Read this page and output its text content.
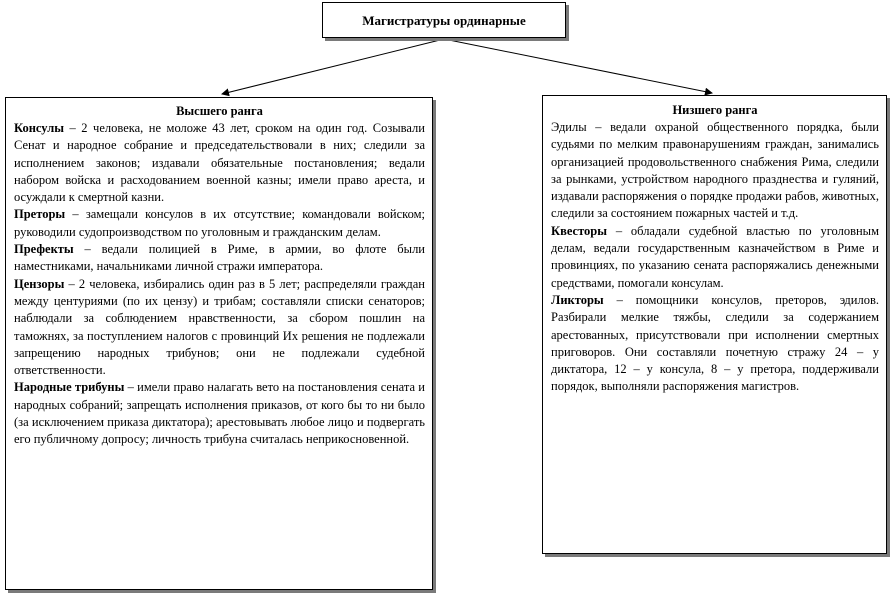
Магистратуры ординарные
Высшего ранга

Консулы – 2 человека, не моложе 43 лет, сроком на один год. Созывали Сенат и народное собрание и председательствовали в них; следили за исполнением законов; издавали обязательные постановления; ведали набором войска и расходованием военной казны; имели право ареста, и осуждали к смертной казни.

Преторы – замещали консулов в их отсутствие; командовали войском; руководили судопроизводством по уголовным и гражданским делам.

Префекты – ведали полицией в Риме, в армии, во флоте были наместниками, начальниками личной стражи императора.

Цензоры – 2 человека, избирались один раз в 5 лет; распределяли граждан между центуриями (по их цензу) и трибам; составляли списки сенаторов; наблюдали за соблюдением нравственности, за сбором пошлин на таможнях, за поступлением налогов с провинций Их решения не подлежали запрещению народных трибунов; они не подлежали судебной ответственности.

Народные трибуны – имели право налагать вето на постановления сената и народных собраний; запрещать исполнения приказов, от кого бы то ни было (за исключением приказа диктатора); арестовывать любое лицо и подвергать его публичному допросу; личность трибуна считалась неприкосновенной.

Низшего ранга

Эдилы – ведали охраной общественного порядка, были судьями по мелким правонарушениям граждан, занимались организацией продовольственного снабжения Рима, следили за рынками, устройством народного празднества и гуляний, издавали распоряжения о порядке продажи рабов, животных, следили за состоянием пожарных частей и т.д.

Квесторы – обладали судебной властью по уголовным делам, ведали государственным казначейством в Риме и провинциях, по указанию сената распоряжались денежными средствами, помогали консулам.

Ликторы – помощники консулов, преторов, эдилов. Разбирали мелкие тяжбы, следили за содержанием арестованных, присутствовали при исполнении смертных приговоров. Они составляли почетную стражу 24 – у диктатора, 12 – у консула, 8 – у претора, поддерживали порядок, выполняли распоряжения магистров.
